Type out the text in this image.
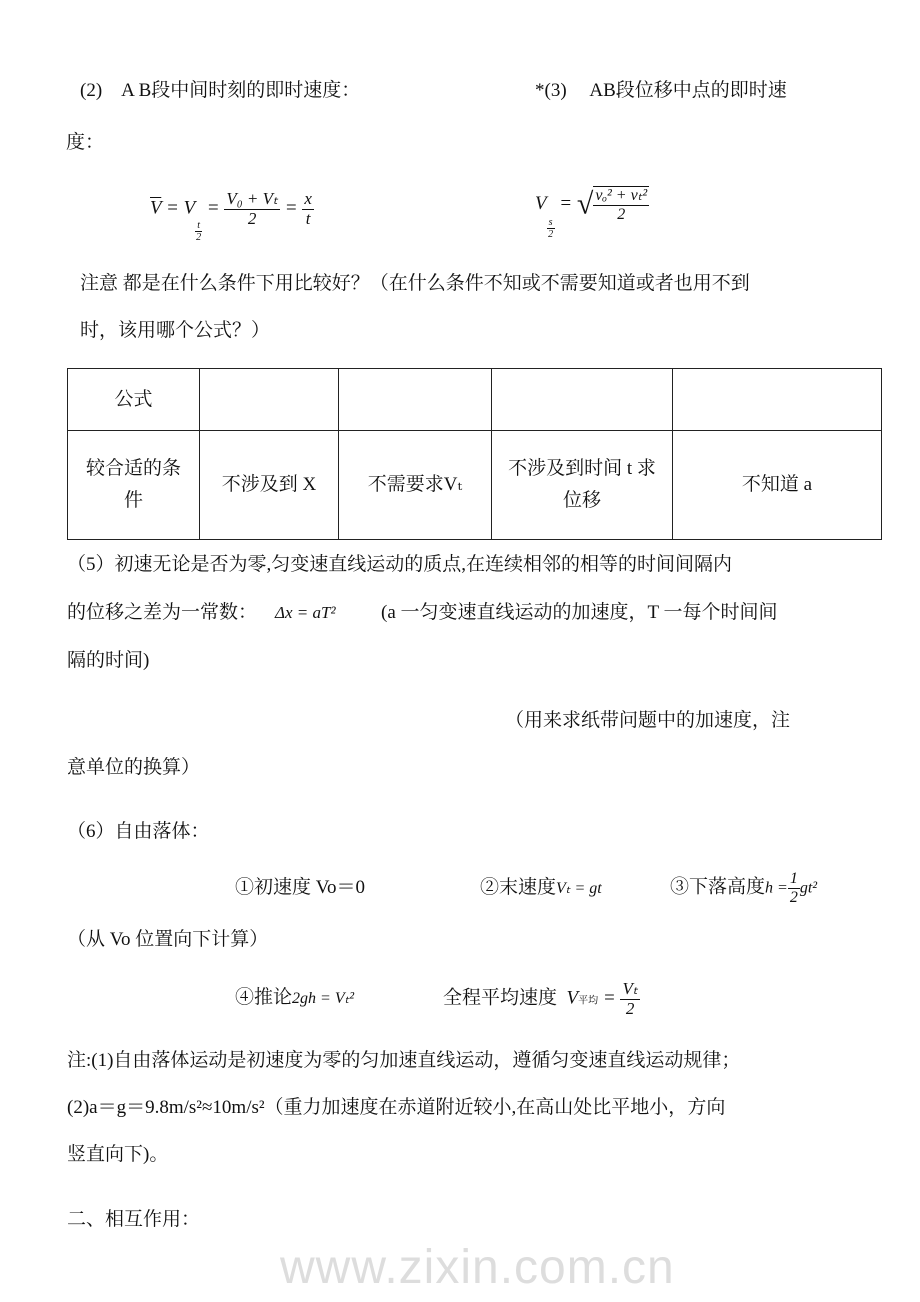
www.zixin.com.cn
(2)　A B段中间时刻的即时速度：	*(3)　 AB段位移中点的即时速
度：
$\overline{V} = V$
$\frac{t}{2}$
= $\frac{\text{V₀ + Vₜ}}{2} = \frac{x}{t}$	V
$\frac{s}{2}$
= √ $\frac{\text{vₒ² + vₜ²}}{2}$
注意 都是在什么条件下用比较好？（在什么条件不知或不需要知道或者也用不到
时，该用哪个公式？）
公式				
较合适的条件	不涉及到 X	不需要求Vₜ	不涉及到时间 t 求位移	不知道 a
（5）初速无论是否为零,匀变速直线运动的质点,在连续相邻的相等的时间间隔内
的位移之差为一常数： Δx = aT² (a 一匀变速直线运动的加速度，T 一每个时间间
隔的时间)
（用来求纸带问题中的加速度，注
意单位的换算）
（6）自由落体：
①初速度 Vo＝0	②末速度Vₜ = gt	③下落高度$h = \frac{1}{2} gt^2$
（从 Vo 位置向下计算）
④推论2gh = Vₜ²	全程平均速度 V平均 = $\frac{\text{Vₜ}}{2}$
注:(1)自由落体运动是初速度为零的匀加速直线运动，遵循匀变速直线运动规律；
(2)a＝g＝9.8m/s²≈10m/s²（重力加速度在赤道附近较小,在高山处比平地小，方向
竖直向下)。
二、相互作用：
